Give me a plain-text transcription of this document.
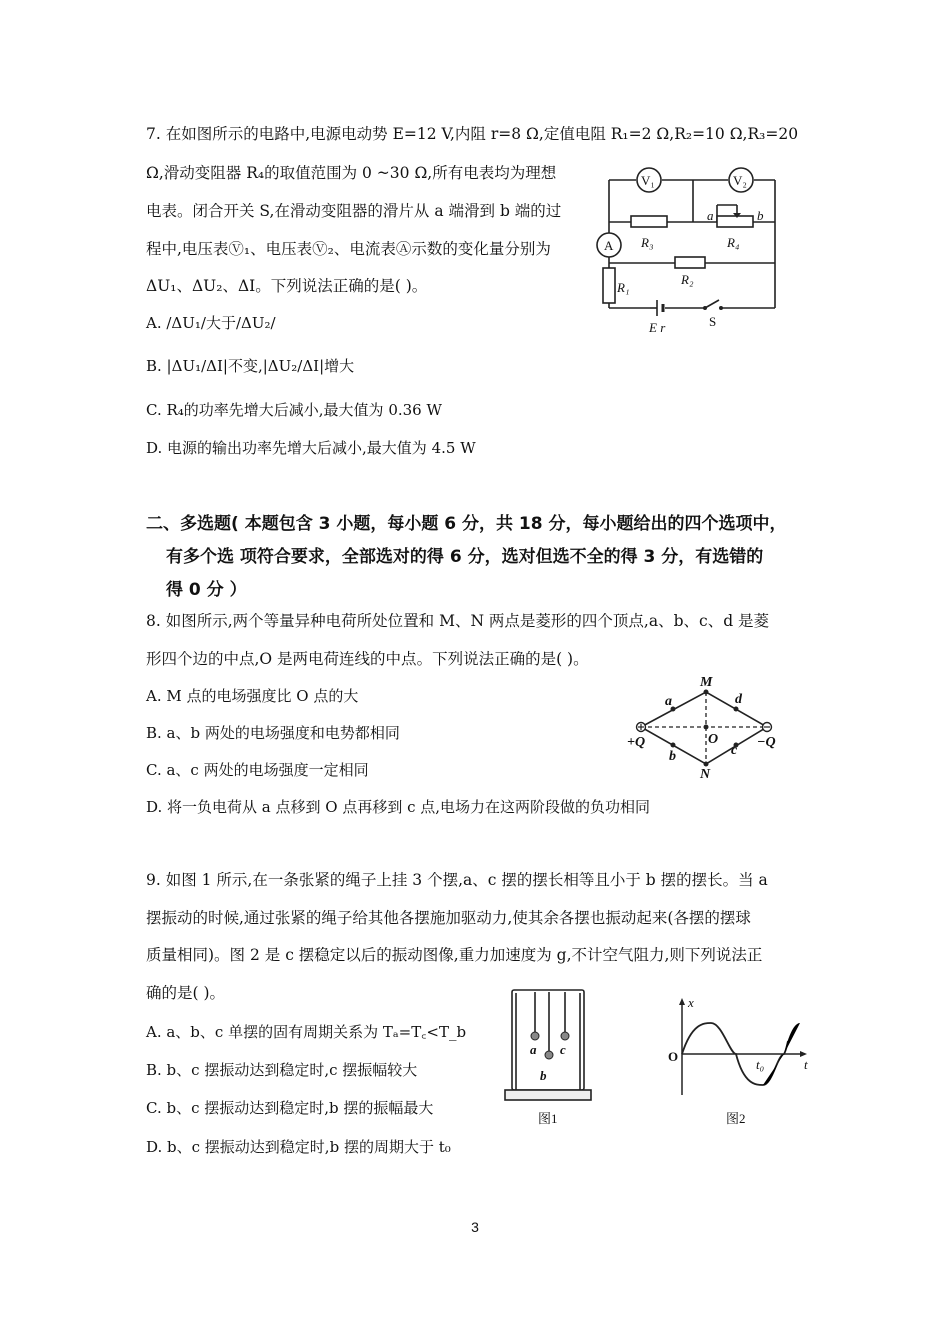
7. 在如图所示的电路中,电源电动势 E=12 V,内阻 r=8 Ω,定值电阻 R₁=2 Ω,R₂=10 Ω,R₃=20
Ω,滑动变阻器 R₄的取值范围为 0 ~30 Ω,所有电表均为理想
电表。闭合开关 S,在滑动变阻器的滑片从 a 端滑到 b 端的过
程中,电压表Ⓥ₁、电压表Ⓥ₂、电流表Ⓐ示数的变化量分别为
ΔU₁、ΔU₂、ΔI。下列说法正确的是( )。
A. /ΔU₁/大于/ΔU₂/
B. |ΔU₁/ΔI|不变,|ΔU₂/ΔI|增大
C. R₄的功率先增大后减小,最大值为 0.36 W
D. 电源的输出功率先增大后减小,最大值为 4.5 W
V₁	V₂
A R₃	R₄
R₂
R₁
a	b
E r	S
二、多选题( 本题包含 3 小题，每小题 6 分，共 18 分，每小题给出的四个选项中，
有多个选 项符合要求，全部选对的得 6 分，选对但选不全的得 3 分，有选错的
得 0 分 ）
8. 如图所示,两个等量异种电荷所处位置和 M、N 两点是菱形的四个顶点,a、b、c、d 是菱
形四个边的中点,O 是两电荷连线的中点。下列说法正确的是( )。
A. M 点的电场强度比 O 点的大
B. a、b 两处的电场强度和电势都相同
C. a、c 两处的电场强度一定相同
D. 将一负电荷从 a 点移到 O 点再移到 c 点,电场力在这两阶段做的负功相同
M
N
O
a
b	c
d
+Q	−Q
9. 如图 1 所示,在一条张紧的绳子上挂 3 个摆,a、c 摆的摆长相等且小于 b 摆的摆长。当 a
摆振动的时候,通过张紧的绳子给其他各摆施加驱动力,使其余各摆也振动起来(各摆的摆球
质量相同)。图 2 是 c 摆稳定以后的振动图像,重力加速度为 g,不计空气阻力,则下列说法正
确的是( )。
A. a、b、c 单摆的固有周期关系为 Tₐ=T꜀<T_b
B. b、c 摆振动达到稳定时,c 摆振幅较大
C. b、c 摆振动达到稳定时,b 摆的振幅最大
D. b、c 摆振动达到稳定时,b 摆的周期大于 t₀
a
b
c
图1
x
t
O
t₀
图2
3
